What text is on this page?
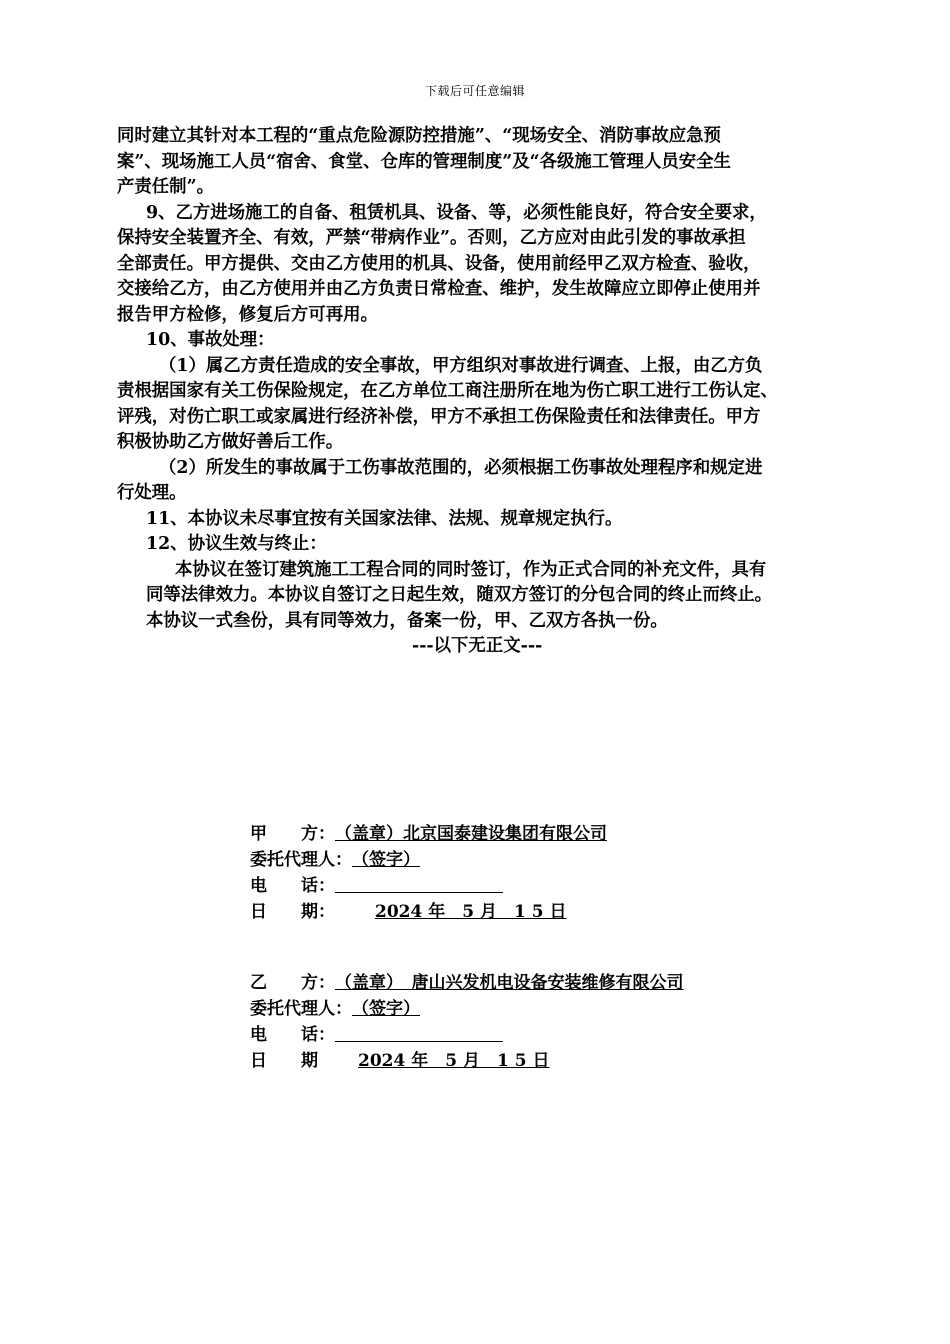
下载后可任意编辑
同时建立其针对本工程的“重点危险源防控措施”、“现场安全、消防事故应急预
案”、现场施工人员“宿舍、食堂、仓库的管理制度”及“各级施工管理人员安全生
产责任制”。
9、乙方进场施工的自备、租赁机具、设备、等，必须性能良好，符合安全要求，
保持安全装置齐全、有效，严禁“带病作业”。否则，乙方应对由此引发的事故承担
全部责任。甲方提供、交由乙方使用的机具、设备，使用前经甲乙双方检查、验收，
交接给乙方，由乙方使用并由乙方负责日常检查、维护，发生故障应立即停止使用并
报告甲方检修，修复后方可再用。
10、事故处理：
（1）属乙方责任造成的安全事故，甲方组织对事故进行调查、上报，由乙方负
责根据国家有关工伤保险规定，在乙方单位工商注册所在地为伤亡职工进行工伤认定、
评残，对伤亡职工或家属进行经济补偿，甲方不承担工伤保险责任和法律责任。甲方
积极协助乙方做好善后工作。
（2）所发生的事故属于工伤事故范围的，必须根据工伤事故处理程序和规定进
行处理。
11、本协议未尽事宜按有关国家法律、法规、规章规定执行。
12、协议生效与终止：
本协议在签订建筑施工工程合同的同时签订，作为正式合同的补充文件，具有
同等法律效力。本协议自签订之日起生效，随双方签订的分包合同的终止而终止。
本协议一式叁份，具有同等效力，备案一份，甲、乙双方各执一份。
---以下无正文---
甲　　方：（盖章）北京国泰建设集团有限公司
委托代理人：（签字）
电　　话：
日　　期： 2024 年　5 月　1 5 日
乙　　方：（盖章）　唐山兴发机电设备安装维修有限公司
委托代理人：（签字）
电　　话：
日　　期 2024 年　5 月　1 5 日
